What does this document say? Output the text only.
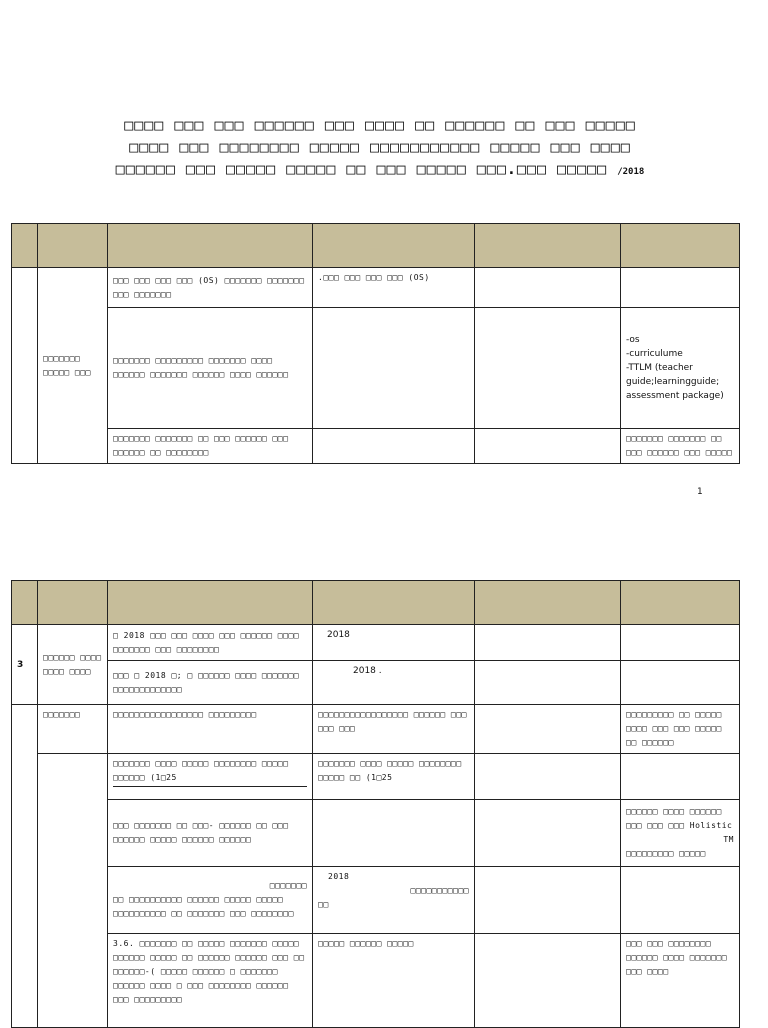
□□□□ □□□ □□□ □□□□□□ □□□ □□□□ □□ □□□□□□ □□ □□□ □□□□□
□□□□ □□□ □□□□□□□□ □□□□□ □□□□□□□□□□□ □□□□□ □□□ □□□□
□□□□□□ □□□ □□□□□ □□□□□ □□ □□□ □□□□□ □□□.□□□ □□□□□ /2018

	□□□□□□□ □□□□□ □□□	□□□ □□□ □□□ □□□ (OS) □□□□□□□ □□□□□□□ □□□ □□□□□□□	.□□□ □□□ □□□ □□□ (OS)		
		□□□□□□□ □□□□□□□□□ □□□□□□□ □□□□ □□□□□□ □□□□□□□ □□□□□□ □□□□ □□□□□□			-os
-curriculume
-TTLM (teacher guide;learningguide; assessment package)

		□□□□□□□ □□□□□□□ □□ □□□ □□□□□□ □□□ □□□□□□ □□ □□□□□□□□			□□□□□□□ □□□□□□□ □□ □□□ □□□□□□ □□□ □□□□□
1

3	□□□□□□ □□□□ □□□□ □□□□	□ 2018 □□□ □□□ □□□□ □□□ □□□□□□ □□□□ □□□□□□□ □□□ □□□□□□□□	2018		
		□□□ □ 2018 □; □ □□□□□□ □□□□ □□□□□□□ □□□□□□□□□□□□□	2018 .		
	□□□□□□□	□□□□□□□□□□□□□□□□□ □□□□□□□□□	□□□□□□□□□□□□□□□□□ □□□□□□ □□□ □□□ □□□		□□□□□□□□□ □□ □□□□□ □□□□ □□□ □□□ □□□□□ □□ □□□□□□

		□□□□□□□ □□□□ □□□□□ □□□□□□□□ □□□□□ □□□□□□ (1□25	□□□□□□□ □□□□ □□□□□ □□□□□□□□ □□□□□ □□ (1□25		
		□□□ □□□□□□□ □□ □□□- □□□□□□ □□ □□□ □□□□□□ □□□□□ □□□□□□ □□□□□□			□□□□□□ □□□□ □□□□□□ □□□ □□□ □□□ Holistic
TM
□□□□□□□□□ □□□□□

		□□□□□□□
□□ □□□□□□□□□□ □□□□□□ □□□□□ □□□□□ □□□□□□□□□□ □□ □□□□□□□ □□□ □□□□□□□□	2018
□□□□□□□□□□□
□□		

		3.6. □□□□□□□ □□ □□□□□ □□□□□□□ □□□□□ □□□□□□ □□□□□ □□ □□□□□□ □□□□□□ □□□ □□ □□□□□□-( □□□□□ □□□□□□ □ □□□□□□□ □□□□□□ □□□□ □ □□□ □□□□□□□□ □□□□□□ □□□ □□□□□□□□□	□□□□□ □□□□□□ □□□□□		□□□ □□□ □□□□□□□□ □□□□□□ □□□□ □□□□□□□ □□□ □□□□
